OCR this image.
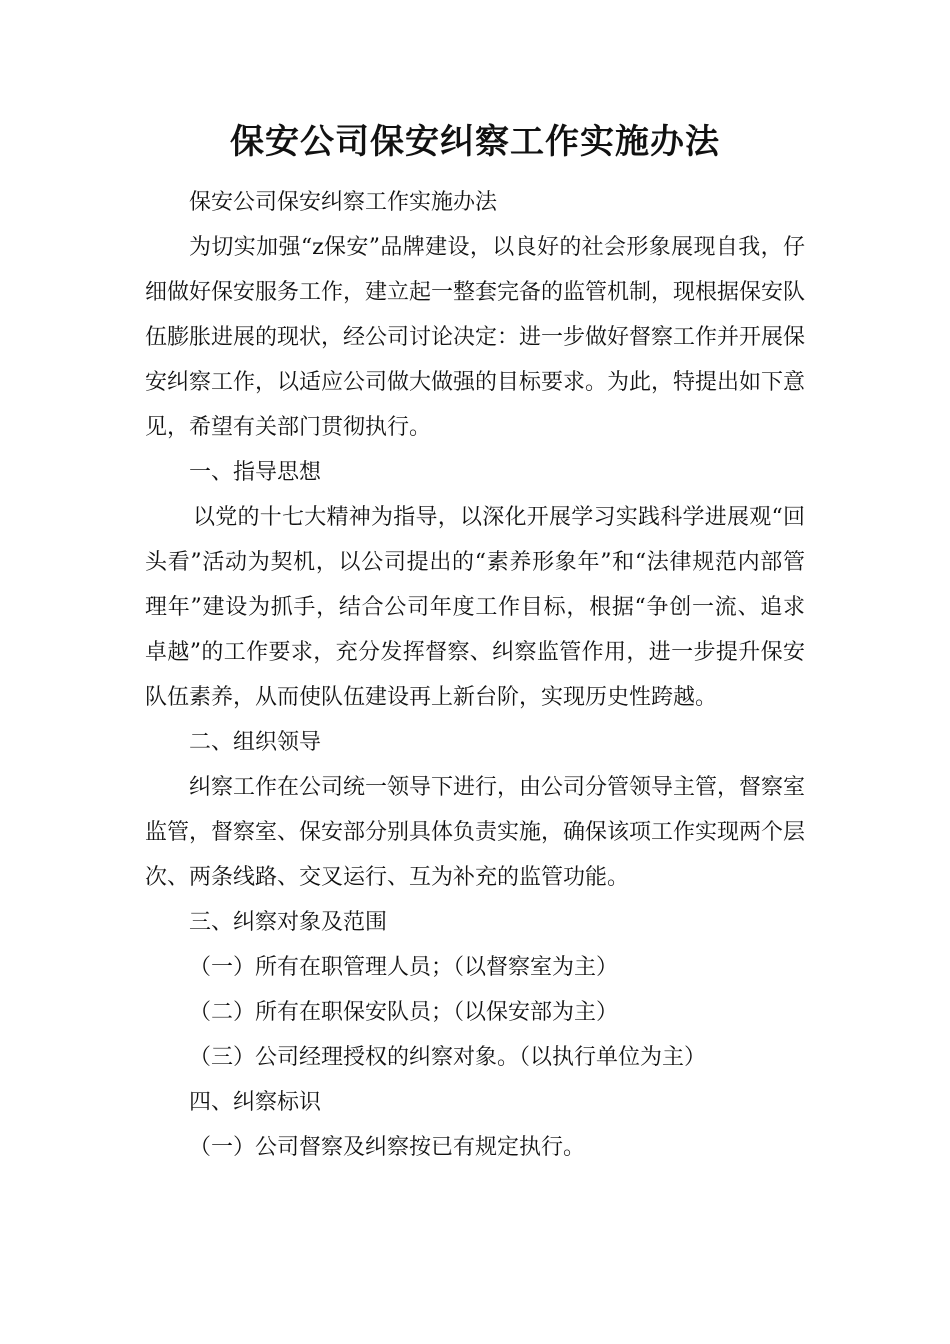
保安公司保安纠察工作实施办法

保安公司保安纠察工作实施办法

为切实加强“z保安”品牌建设，以良好的社会形象展现自我，仔细做好保安服务工作，建立起一整套完备的监管机制，现根据保安队伍膨胀进展的现状，经公司讨论决定：进一步做好督察工作并开展保安纠察工作，以适应公司做大做强的目标要求。为此，特提出如下意见，希望有关部门贯彻执行。

一、指导思想

以党的十七大精神为指导，以深化开展学习实践科学进展观“回头看”活动为契机，以公司提出的“素养形象年”和“法律规范内部管理年”建设为抓手，结合公司年度工作目标，根据“争创一流、追求卓越”的工作要求，充分发挥督察、纠察监管作用，进一步提升保安队伍素养，从而使队伍建设再上新台阶，实现历史性跨越。

二、组织领导

纠察工作在公司统一领导下进行，由公司分管领导主管，督察室监管，督察室、保安部分别具体负责实施，确保该项工作实现两个层次、两条线路、交叉运行、互为补充的监管功能。

三、纠察对象及范围

（一）所有在职管理人员；（以督察室为主）

（二）所有在职保安队员；（以保安部为主）

（三）公司经理授权的纠察对象。（以执行单位为主）

四、纠察标识

（一）公司督察及纠察按已有规定执行。
